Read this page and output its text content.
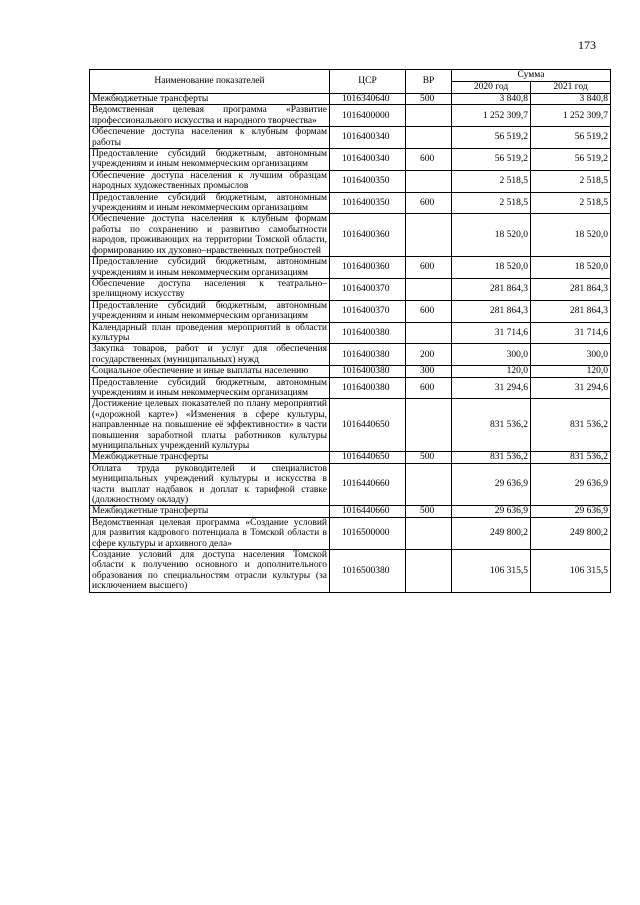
173
Наименование показателей	ЦСР	ВР	Сумма	
			2020 год	2021 год
Межбюджетные трансферты	1016340640	500	3 840,8	3 840,8
Ведомственная целевая программа «Развитие профессионального искусства и народного творчества»	1016400000		1 252 309,7	1 252 309,7
Обеспечение доступа населения к клубным формам работы	1016400340		56 519,2	56 519,2
Предоставление субсидий бюджетным, автономным учреждениям и иным некоммерческим организациям	1016400340	600	56 519,2	56 519,2
Обеспечение доступа населения к лучшим образцам народных художественных промыслов	1016400350		2 518,5	2 518,5
Предоставление субсидий бюджетным, автономным учреждениям и иным некоммерческим организациям	1016400350	600	2 518,5	2 518,5
Обеспечение доступа населения к клубным формам работы по сохранению и развитию самобытности народов, проживающих на территории Томской области, формированию их духовно–нравственных потребностей	1016400360		18 520,0	18 520,0
Предоставление субсидий бюджетным, автономным учреждениям и иным некоммерческим организациям	1016400360	600	18 520,0	18 520,0
Обеспечение доступа населения к театрально–зрелищному искусству	1016400370		281 864,3	281 864,3
Предоставление субсидий бюджетным, автономным учреждениям и иным некоммерческим организациям	1016400370	600	281 864,3	281 864,3
Календарный план проведения мероприятий в области культуры	1016400380		31 714,6	31 714,6
Закупка товаров, работ и услуг для обеспечения государственных (муниципальных) нужд	1016400380	200	300,0	300,0
Социальное обеспечение и иные выплаты населению	1016400380	300	120,0	120,0
Предоставление субсидий бюджетным, автономным учреждениям и иным некоммерческим организациям	1016400380	600	31 294,6	31 294,6
Достижение целевых показателей по плану мероприятий («дорожной карте») «Изменения в сфере культуры, направленные на повышение её эффективности» в части повышения заработной платы работников культуры муниципальных учреждений культуры	1016440650		831 536,2	831 536,2
Межбюджетные трансферты	1016440650	500	831 536,2	831 536,2
Оплата труда руководителей и специалистов муниципальных учреждений культуры и искусства в части выплат надбавок и доплат к тарифной ставке (должностному окладу)	1016440660		29 636,9	29 636,9
Межбюджетные трансферты	1016440660	500	29 636,9	29 636,9
Ведомственная целевая программа «Создание условий для развития кадрового потенциала в Томской области в сфере культуры и архивного дела»	1016500000		249 800,2	249 800,2
Создание условий для доступа населения Томской области к получению основного и дополнительного образования по специальностям отрасли культуры (за исключением высшего)	1016500380		106 315,5	106 315,5
